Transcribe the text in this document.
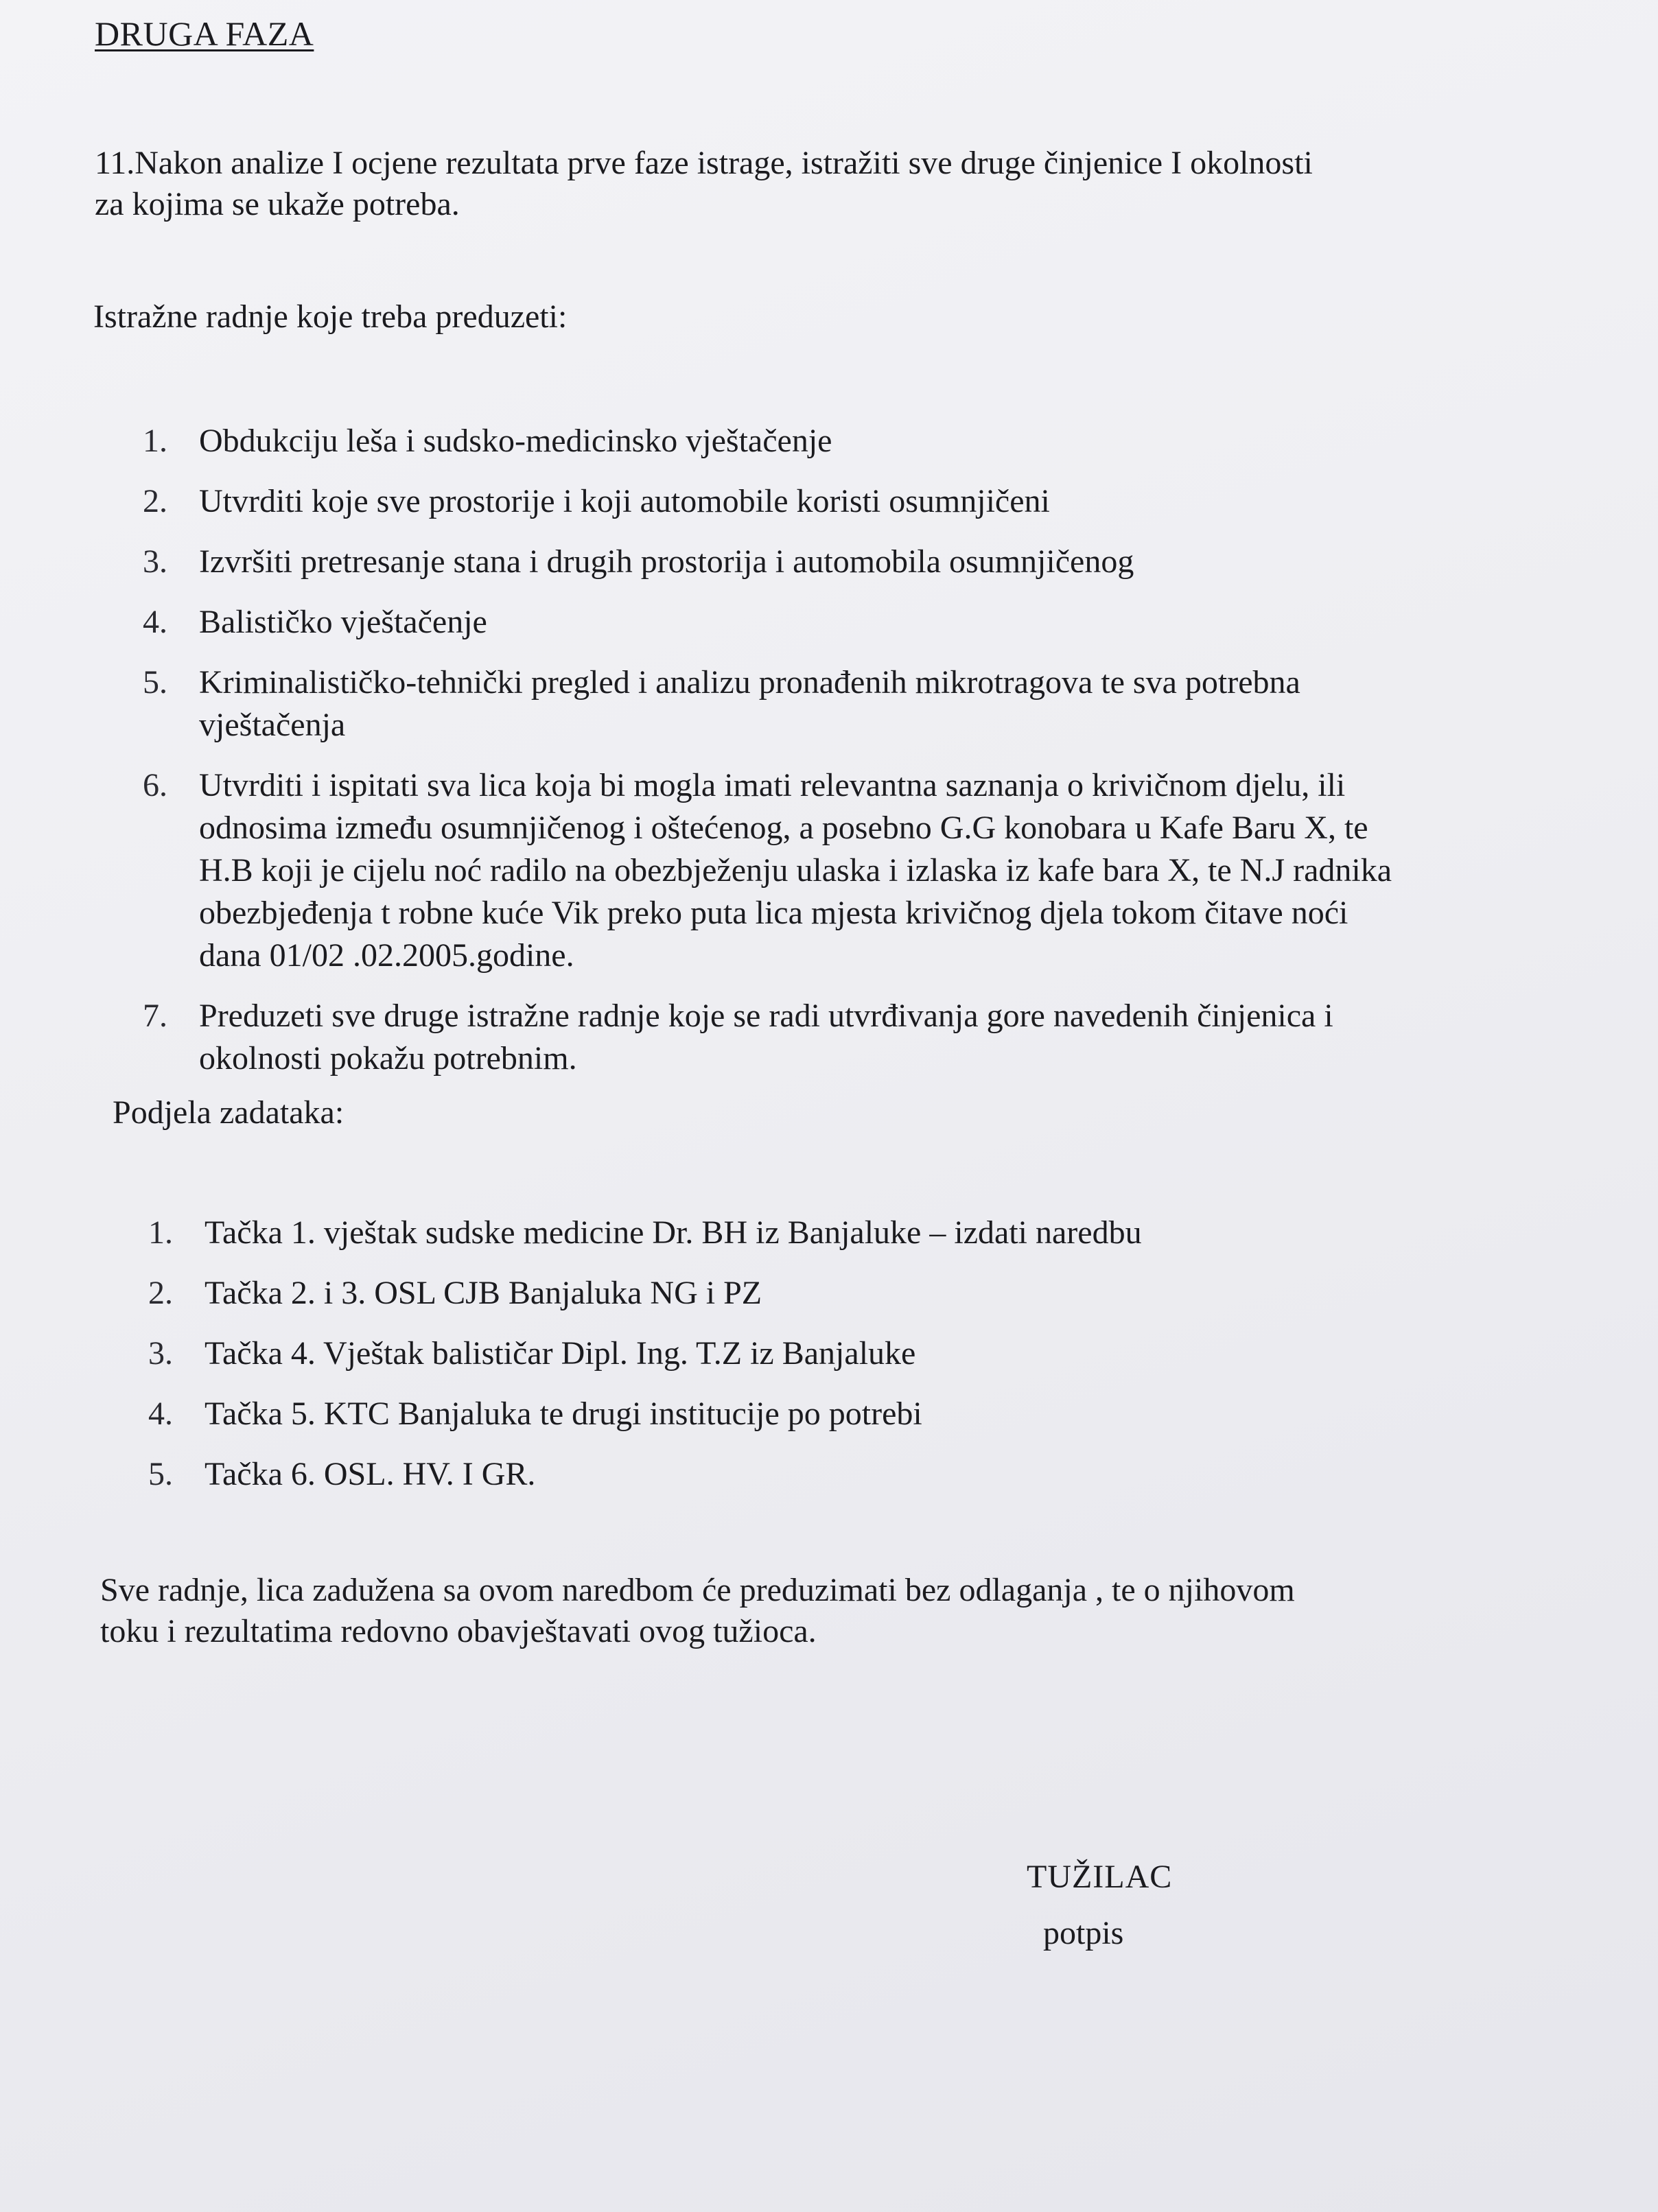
DRUGA FAZA
11.Nakon analize I ocjene rezultata prve faze istrage, istražiti sve druge činjenice I okolnosti za kojima se ukaže potreba.
Istražne radnje koje treba preduzeti:
1. Obdukciju leša i sudsko-medicinsko vještačenje
2. Utvrditi koje sve prostorije i koji automobile koristi osumnjičeni
3. Izvršiti pretresanje stana i drugih prostorija i automobila osumnjičenog
4. Balističko vještačenje
5. Kriminalističko-tehnički pregled i analizu pronađenih mikrotragova te sva potrebna vještačenja
6. Utvrditi i ispitati sva lica koja bi mogla imati relevantna saznanja o krivičnom djelu, ili odnosima između osumnjičenog i oštećenog, a posebno G.G konobara u Kafe Baru X, te H.B koji je cijelu noć radilo na obezbježenju ulaska i izlaska iz kafe bara X, te N.J radnika obezbjeđenja t robne kuće Vik preko puta lica mjesta krivičnog djela tokom čitave noći dana 01/02 .02.2005.godine.
7. Preduzeti sve druge istražne radnje koje se radi utvrđivanja gore navedenih činjenica i okolnosti pokažu potrebnim.
Podjela zadataka:
1. Tačka 1. vještak sudske medicine Dr. BH iz Banjaluke – izdati naredbu
2. Tačka 2. i 3. OSL CJB Banjaluka NG i PZ
3. Tačka 4. Vještak balističar Dipl. Ing. T.Z iz Banjaluke
4. Tačka 5. KTC Banjaluka te drugi institucije po potrebi
5. Tačka 6. OSL. HV. I GR.
Sve radnje, lica zadužena sa ovom naredbom će preduzimati bez odlaganja , te o njihovom toku i rezultatima redovno obavještavati ovog tužioca.
TUŽILAC
potpis
